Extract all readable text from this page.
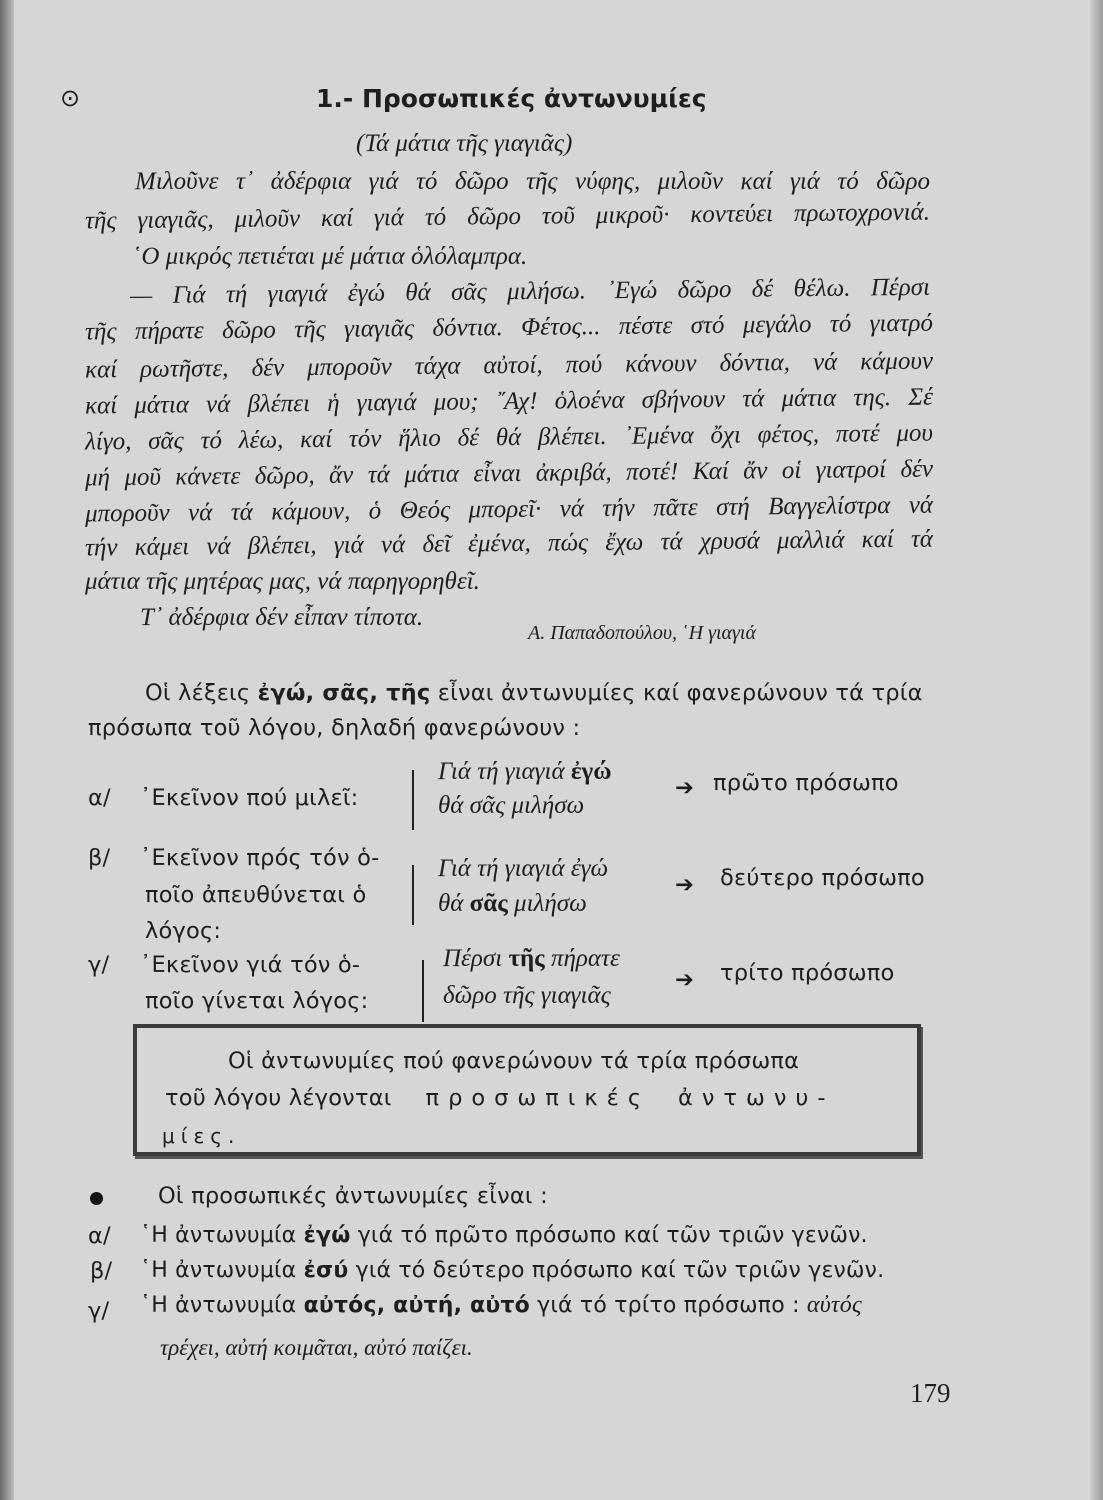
⊙	1.- Προσωπικές ἀντωνυμίες
(Τά μάτια τῆς γιαγιᾶς)
Μιλοῦνε τ᾽ ἀδέρφια γιά τό δῶρο τῆς νύφης, μιλοῦν καί γιά τό δῶρο
τῆς γιαγιᾶς, μιλοῦν καί γιά τό δῶρο τοῦ μικροῦ· κοντεύει πρωτοχρονιά.
῾Ο μικρός πετιέται μέ μάτια ὁλόλαμπρα.
— Γιά τή γιαγιά ἐγώ θά σᾶς μιλήσω. ᾽Εγώ δῶρο δέ θέλω. Πέρσι
τῆς πήρατε δῶρο τῆς γιαγιᾶς δόντια. Φέτος... πέστε στό μεγάλο τό γιατρό
καί ρωτῆστε, δέν μποροῦν τάχα αὐτοί, πού κάνουν δόντια, νά κάμουν
καί μάτια νά βλέπει ἡ γιαγιά μου; ῎Αχ! ὁλοένα σβήνουν τά μάτια της. Σέ
λίγο, σᾶς τό λέω, καί τόν ἥλιο δέ θά βλέπει. ᾽Εμένα ὄχι φέτος, ποτέ μου
μή μοῦ κάνετε δῶρο, ἄν τά μάτια εἶναι ἀκριβά, ποτέ! Καί ἄν οἱ γιατροί δέν
μποροῦν νά τά κάμουν, ὁ Θεός μπορεῖ· νά τήν πᾶτε στή Βαγγελίστρα νά
τήν κάμει νά βλέπει, γιά νά δεῖ ἐμένα, πώς ἔχω τά χρυσά μαλλιά καί τά
μάτια τῆς μητέρας μας, νά παρηγορηθεῖ.
Τ᾽ ἀδέρφια δέν εἶπαν τίποτα.
Α. Παπαδοπούλου, ῾Η γιαγιά
Οἱ λέξεις ἐγώ, σᾶς, τῆς εἶναι ἀντωνυμίες καί φανερώνουν τά τρία
πρόσωπα τοῦ λόγου, δηλαδή φανερώνουν :
α/ ᾽Εκεῖνον πού μιλεῖ:
Γιά τή γιαγιά ἐγώ
θά σᾶς μιλήσω
➔ πρῶτο πρόσωπο
β/ ᾽Εκεῖνον πρός τόν ὁ-
ποῖο ἀπευθύνεται ὁ
λόγος:
Γιά τή γιαγιά ἐγώ
θά σᾶς μιλήσω
➔ δεύτερο πρόσωπο
γ/ ᾽Εκεῖνον γιά τόν ὁ-
ποῖο γίνεται λόγος:
Πέρσι τῆς πήρατε
δῶρο τῆς γιαγιᾶς
➔ τρίτο πρόσωπο
Οἱ ἀντωνυμίες πού φανερώνουν τά τρία πρόσωπα
τοῦ λόγου λέγονται προσωπικές ἀντωνυ-
μίες.
Οἱ προσωπικές ἀντωνυμίες εἶναι :
α/ ῾Η ἀντωνυμία ἐγώ γιά τό πρῶτο πρόσωπο καί τῶν τριῶν γενῶν.
β/ ῾Η ἀντωνυμία ἐσύ γιά τό δεύτερο πρόσωπο καί τῶν τριῶν γενῶν.
γ/ ῾Η ἀντωνυμία αὐτός, αὐτή, αὐτό γιά τό τρίτο πρόσωπο : αὐτός
τρέχει, αὐτή κοιμᾶται, αὐτό παίζει.
179
